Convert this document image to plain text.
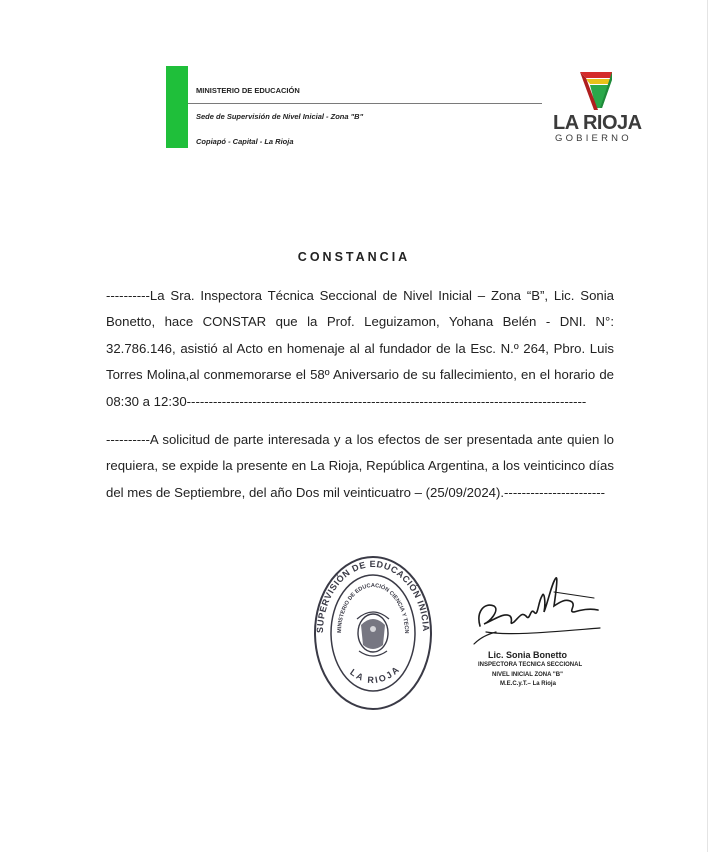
MINISTERIO DE EDUCACIÓN
Sede de Supervisión de Nivel Inicial - Zona "B"
Copiapó - Capital - La Rioja
LA RIOJA
GOBIERNO
CONSTANCIA
----------La Sra. Inspectora Técnica Seccional de Nivel Inicial – Zona “B”, Lic. Sonia Bonetto, hace CONSTAR que la Prof. Leguizamon, Yohana Belén - DNI. N°: 32.786.146, asistió al Acto en homenaje al al fundador de la Esc. N.º 264, Pbro. Luis Torres Molina,al conmemorarse el 58º Aniversario de su fallecimiento, en el horario de 08:30 a 12:30-------------------------------------------------------------------------------------------
----------A solicitud de parte interesada y a los efectos de ser presentada ante quien lo requiera, se expide la presente en La Rioja, República Argentina, a los veinticinco días del mes de Septiembre, del año Dos mil veinticuatro – (25/09/2024).-----------------------
SUPERVISIÓN DE EDUCACIÓN INICIA
MINISTERIO DE EDUCACIÓN CIENCIA Y TECN
LA RIOJA
Lic. Sonia Bonetto
INSPECTORA TECNICA SECCIONAL
NIVEL INICIAL ZONA "B"
M.E.C.y.T.– La Rioja
